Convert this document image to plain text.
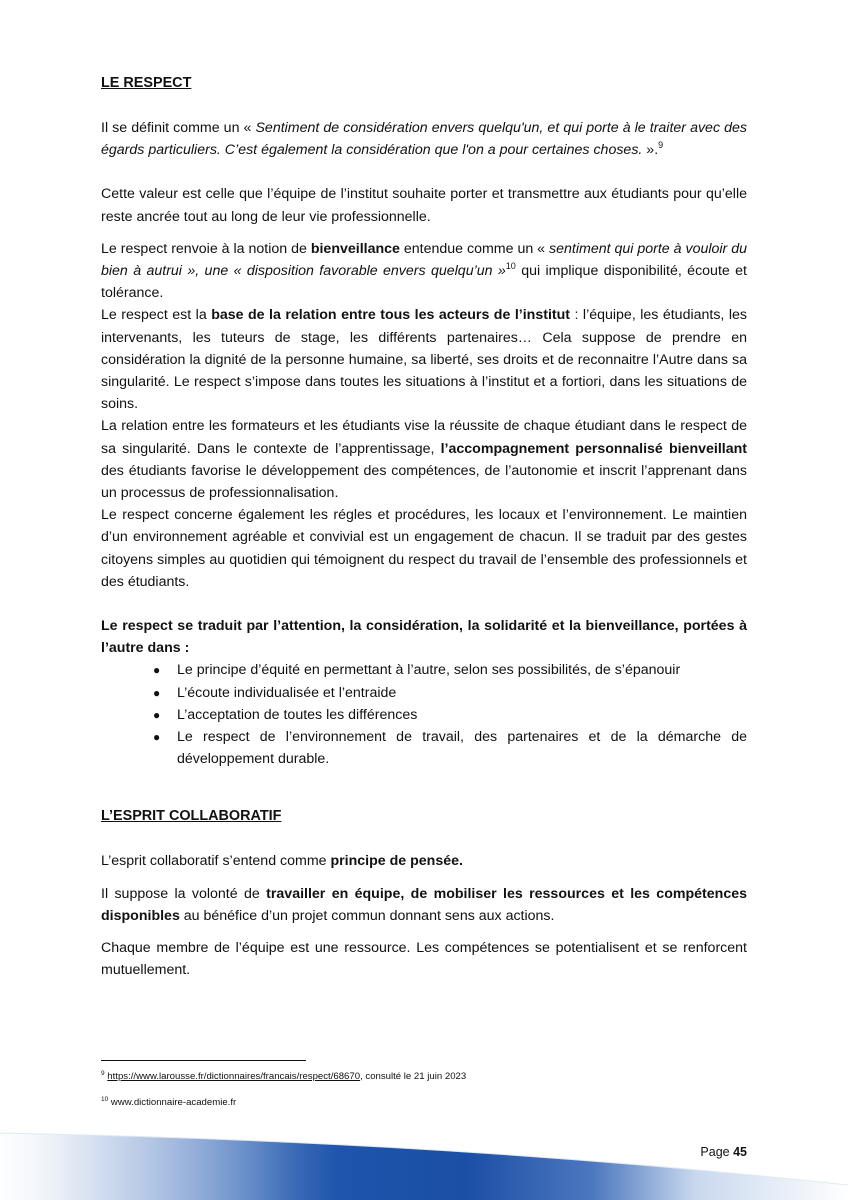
LE RESPECT

Il se définit comme un « Sentiment de considération envers quelqu'un, et qui porte à le traiter avec des égards particuliers. C’est également la considération que l'on a pour certaines choses. ».$^9$

Cette valeur est celle que l’équipe de l’institut souhaite porter et transmettre aux étudiants pour qu’elle reste ancrée tout au long de leur vie professionnelle.

Le respect renvoie à la notion de bienveillance entendue comme un « sentiment qui porte à vouloir du bien à autrui », une « disposition favorable envers quelqu’un »$^{10}$ qui implique disponibilité, écoute et tolérance.

Le respect est la base de la relation entre tous les acteurs de l’institut : l’équipe, les étudiants, les intervenants, les tuteurs de stage, les différents partenaires… Cela suppose de prendre en considération la dignité de la personne humaine, sa liberté, ses droits et de reconnaitre l’Autre dans sa singularité. Le respect s’impose dans toutes les situations à l’institut et a fortiori, dans les situations de soins.

La relation entre les formateurs et les étudiants vise la réussite de chaque étudiant dans le respect de sa singularité. Dans le contexte de l’apprentissage, l’accompagnement personnalisé bienveillant des étudiants favorise le développement des compétences, de l’autonomie et inscrit l’apprenant dans un processus de professionnalisation.

Le respect concerne également les régles et procédures, les locaux et l’environnement. Le maintien d’un environnement agréable et convivial est un engagement de chacun. Il se traduit par des gestes citoyens simples au quotidien qui témoignent du respect du travail de l’ensemble des professionnels et des étudiants.

Le respect se traduit par l’attention, la considération, la solidarité et la bienveillance, portées à l’autre dans :

● Le principe d’équité en permettant à l’autre, selon ses possibilités, de s’épanouir
● L’écoute individualisée et l’entraide
● L’acceptation de toutes les différences
● Le respect de l’environnement de travail, des partenaires et de la démarche de développement durable.
L’ESPRIT COLLABORATIF

L’esprit collaboratif s’entend comme principe de pensée.

Il suppose la volonté de travailler en équipe, de mobiliser les ressources et les compétences disponibles au bénéfice d’un projet commun donnant sens aux actions.

Chaque membre de l’équipe est une ressource. Les compétences se potentialisent et se renforcent mutuellement.

$^9$ https://www.larousse.fr/dictionnaires/francais/respect/68670, consulté le 21 juin 2023
$^{10}$ www.dictionnaire-academie.fr
Page 45
